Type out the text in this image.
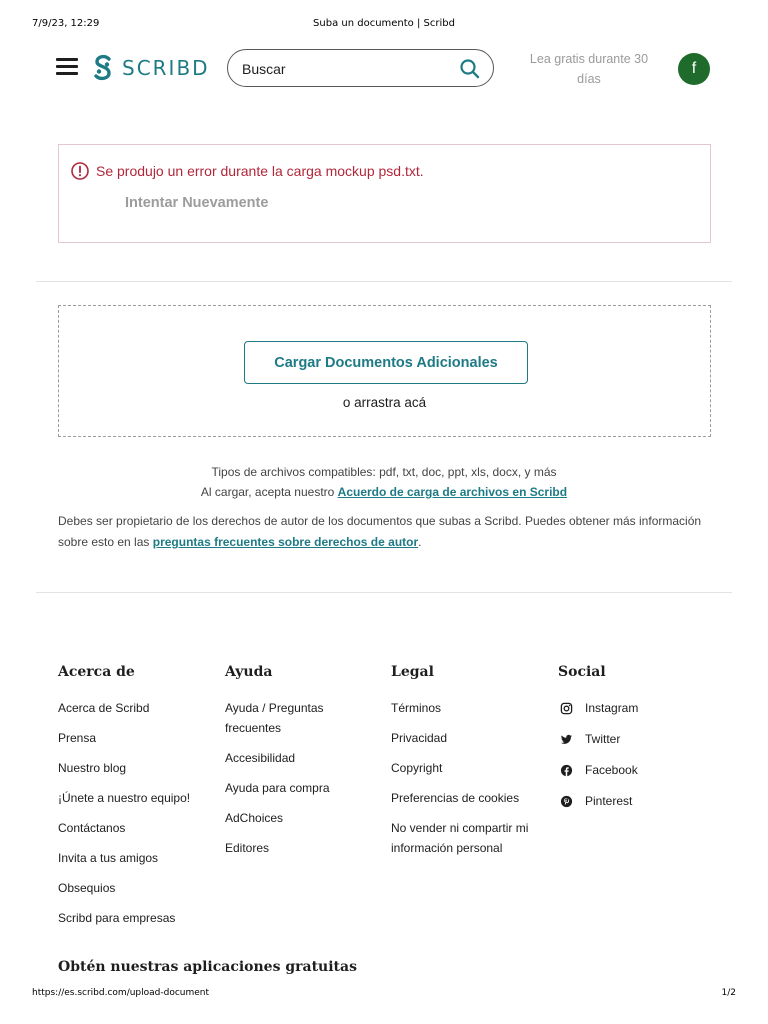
7/9/23, 12:29	Suba un documento | Scribd
SCRIBD
Buscar	Lea gratis durante 30 días
f
Se produjo un error durante la carga mockup psd.txt.
Intentar Nuevamente
Cargar Documentos Adicionales
o arrastra acá
Tipos de archivos compatibles: pdf, txt, doc, ppt, xls, docx, y más
Al cargar, acepta nuestro Acuerdo de carga de archivos en Scribd
Debes ser propietario de los derechos de autor de los documentos que subas a Scribd. Puedes obtener más información sobre esto en las preguntas frecuentes sobre derechos de autor.
Acerca de
Acerca de Scribd
Prensa
Nuestro blog
¡Únete a nuestro equipo!
Contáctanos
Invita a tus amigos
Obsequios
Scribd para empresas
Ayuda
Ayuda / Preguntas frecuentes
Accesibilidad
Ayuda para compra
AdChoices
Editores
Legal
Términos
Privacidad
Copyright
Preferencias de cookies
No vender ni compartir mi información personal
Social
Instagram
Twitter
Facebook
Pinterest
Obtén nuestras aplicaciones gratuitas
https://es.scribd.com/upload-document	1/2
